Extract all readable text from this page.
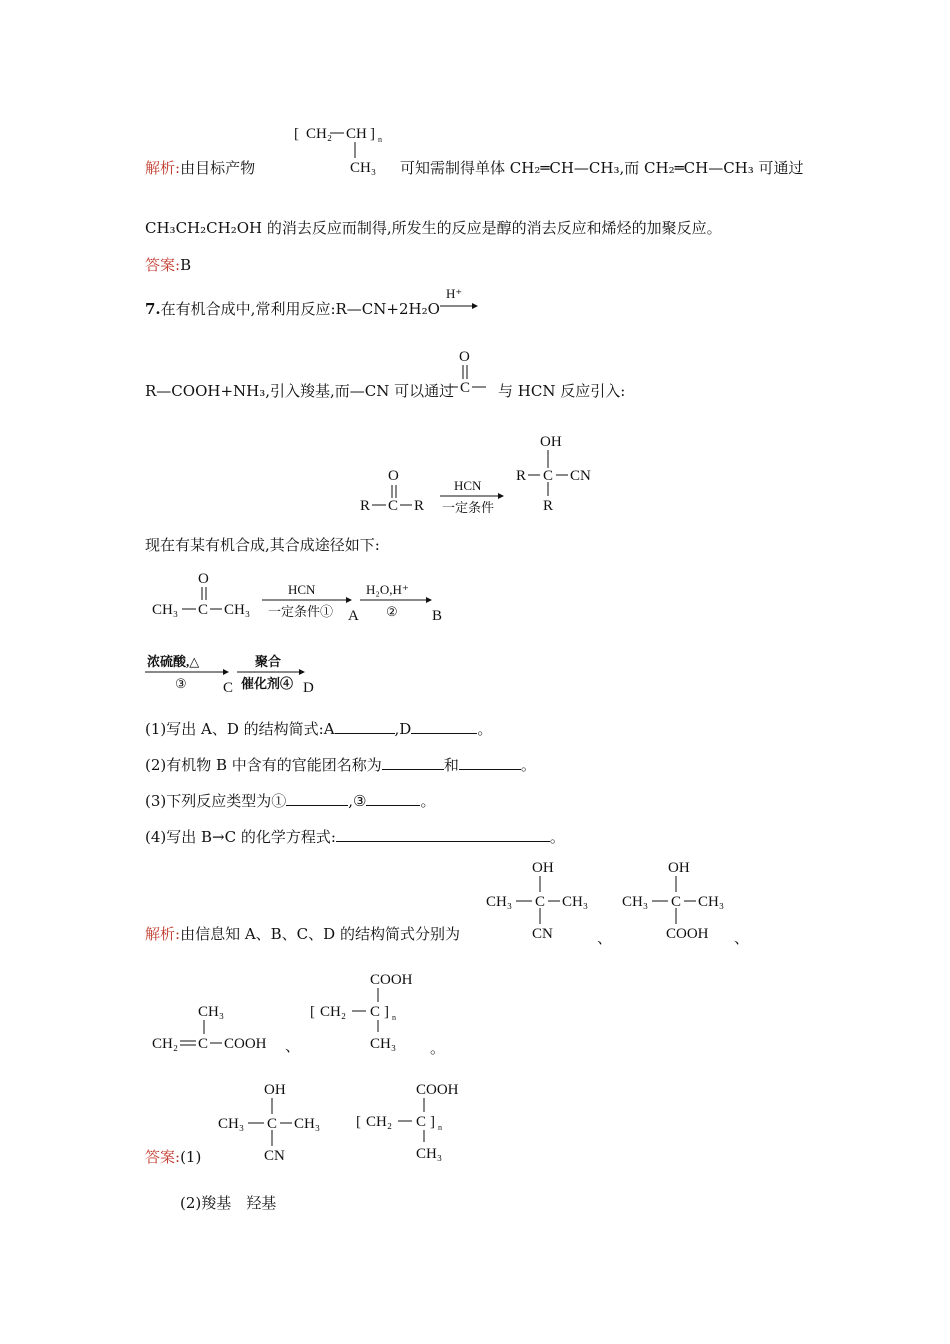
[ CH₂ CH ] n
CH₃
解析:由目标产物	可知需制得单体 CH₂═CH—CH₃,而 CH₂═CH—CH₃ 可通过
CH₃CH₂CH₂OH 的消去反应而制得,所发生的反应是醇的消去反应和烯烃的加聚反应。
答案:B
7.在有机合成中,常利用反应:R—CN+2H₂O
H⁺
O
C
R—COOH+NH₃,引入羧基,而—CN 可以通过	与 HCN 反应引入:
O
R C R
HCN
一定条件
OH
R C CN
R
现在有某有机合成,其合成途径如下:
O
CH₃ C CH₃
HCN
一定条件① A
H₂O,H⁺
② B
浓硫酸,△
③ C
聚合
催化剂④ D
(1)写出 A、D 的结构简式:A	,D	。
(2)有机物 B 中含有的官能团名称为	和	。
(3)下列反应类型为①	,③	。
(4)写出 B→C 的化学方程式:	。
解析:由信息知 A、B、C、D 的结构简式分别为
OH
CH₃ C CH₃
CN	、
OH
CH₃ C CH₃
COOH 、
CH₃
CH₂ C COOH 、
COOH
[ CH₂ C ] n
CH₃ 。
答案:(1)
OH
CH₃ C CH₃
CN
COOH
[ CH₂ C ] n
CH₃
(2)羧基　羟基
